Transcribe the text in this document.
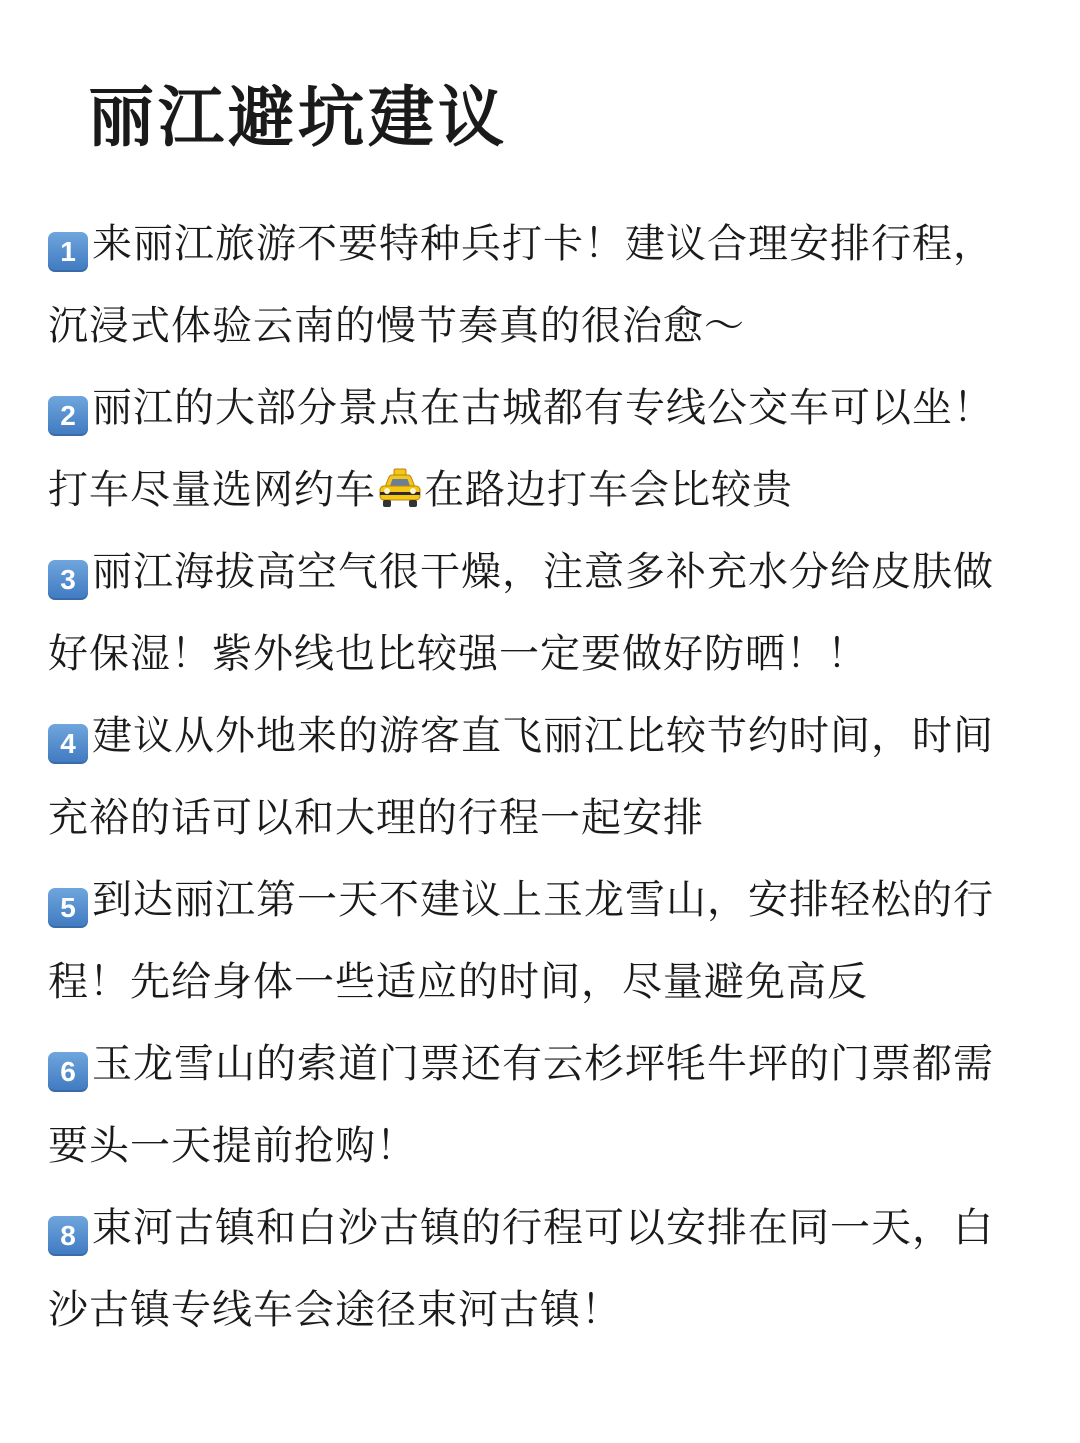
丽江避坑建议
1 来丽江旅游不要特种兵打卡！建议合理安排行程，沉浸式体验云南的慢节奏真的很治愈～
2 丽江的大部分景点在古城都有专线公交车可以坐！打车尽量选网约车 在路边打车会比较贵
3 丽江海拔高空气很干燥，注意多补充水分给皮肤做好保湿！紫外线也比较强一定要做好防晒！！
4 建议从外地来的游客直飞丽江比较节约时间，时间充裕的话可以和大理的行程一起安排
5 到达丽江第一天不建议上玉龙雪山，安排轻松的行程！先给身体一些适应的时间，尽量避免高反
6 玉龙雪山的索道门票还有云杉坪牦牛坪的门票都需要头一天提前抢购！
8 束河古镇和白沙古镇的行程可以安排在同一天，白沙古镇专线车会途径束河古镇！
